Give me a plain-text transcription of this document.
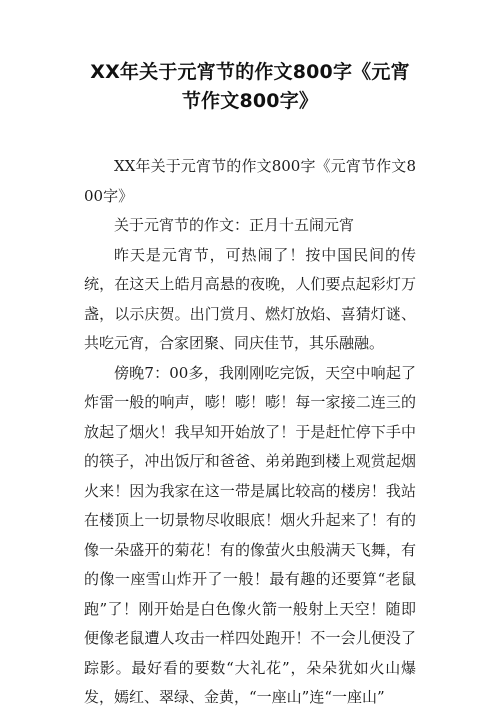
XX年关于元宵节的作文800字《元宵节作文800字》

XX年关于元宵节的作文800字《元宵节作文800字》

关于元宵节的作文：正月十五闹元宵

昨天是元宵节，可热闹了！按中国民间的传统，在这天上皓月高悬的夜晚，人们要点起彩灯万盏，以示庆贺。出门赏月、燃灯放焰、喜猜灯谜、共吃元宵，合家团聚、同庆佳节，其乐融融。

傍晚7：00多，我刚刚吃完饭，天空中响起了炸雷一般的响声，嘭！嘭！嘭！每一家接二连三的放起了烟火！我早知开始放了！于是赶忙停下手中的筷子，冲出饭厅和爸爸、弟弟跑到楼上观赏起烟火来！因为我家在这一带是属比较高的楼房！我站在楼顶上一切景物尽收眼底！烟火升起来了！有的像一朵盛开的菊花！有的像萤火虫般满天飞舞，有的像一座雪山炸开了一般！最有趣的还要算“老鼠跑”了！刚开始是白色像火箭一般射上天空！随即便像老鼠遭人攻击一样四处跑开！不一会儿便没了踪影。最好看的要数“大礼花”，朵朵犹如火山爆发，嫣红、翠绿、金黄，“一座山”连“一座山”
